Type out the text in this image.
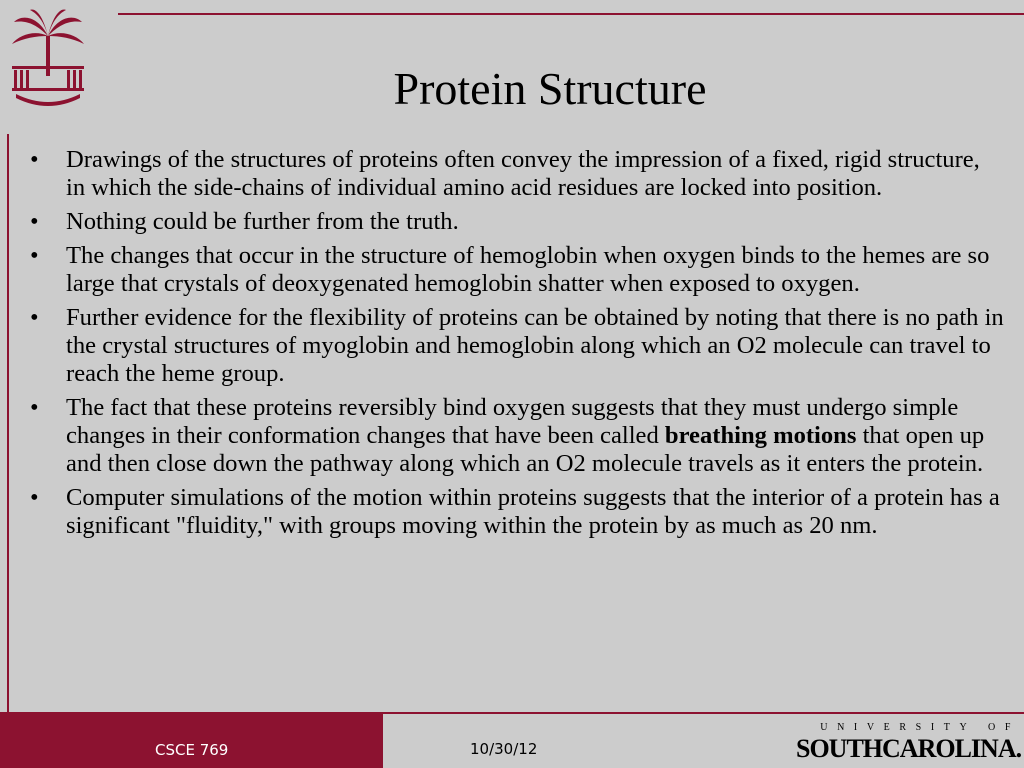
Protein Structure
• Drawings of the structures of proteins often convey the impression of a fixed, rigid structure, in which the side-chains of individual amino acid residues are locked into position.
• Nothing could be further from the truth.
• The changes that occur in the structure of hemoglobin when oxygen binds to the hemes are so large that crystals of deoxygenated hemoglobin shatter when exposed to oxygen.
• Further evidence for the flexibility of proteins can be obtained by noting that there is no path in the crystal structures of myoglobin and hemoglobin along which an O2 molecule can travel to reach the heme group.
• The fact that these proteins reversibly bind oxygen suggests that they must undergo simple changes in their conformation changes that have been called breathing motions that open up and then close down the pathway along which an O2 molecule travels as it enters the protein.
• Computer simulations of the motion within proteins suggests that the interior of a protein has a significant "fluidity," with groups moving within the protein by as much as 20 nm.
CSCE 769	10/30/12
UNIVERSITY OF
SOUTHCAROLINA.
